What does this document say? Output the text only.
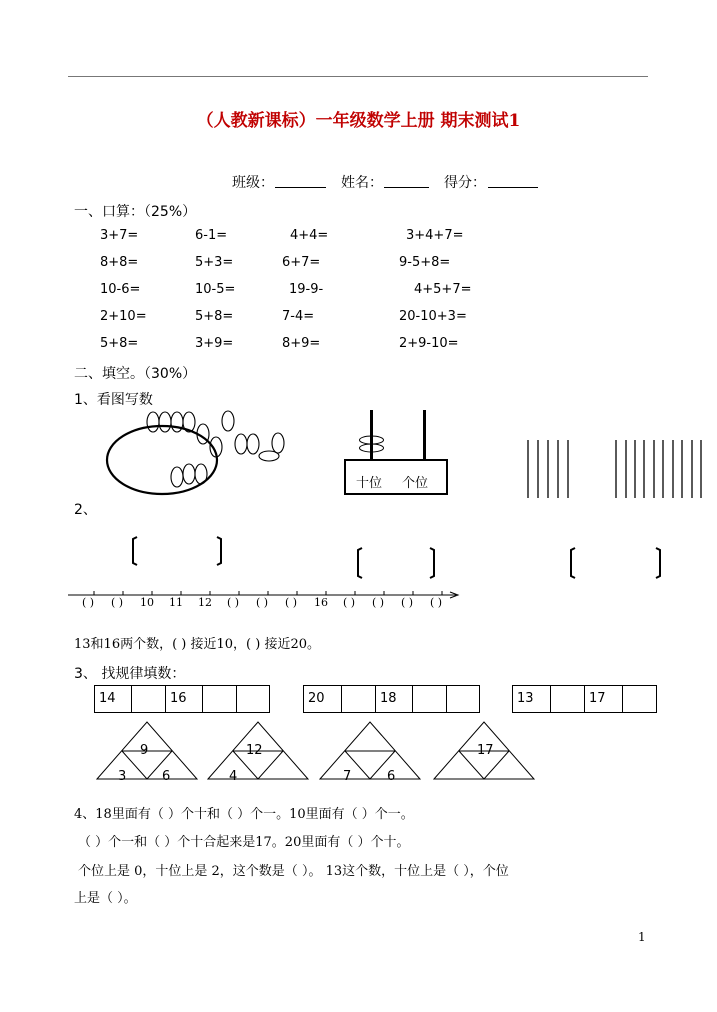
（人教新课标）一年级数学上册 期末测试1
班级：	姓名：	得分：
一、口算：（25%）
3+7=	6-1=	4+4=	3+4+7=
8+8=	5+3=	6+7=	9-5+8=
10-6=	10-5=	19-9-	4+5+7=
2+10=	5+8=	7-4=	20-10+3=
5+8=	3+9=	8+9=	2+9-10=
二、填空。（30%）
1、看图写数
十位 个位
2、
( ) ( ) 10 11 12 ( ) ( ) ( ) 16 ( ) ( ) ( ) ( )
13和16两个数，( ) 接近10，( ) 接近20。
3、 找规律填数：
14	16	20	18	13	17
9
3	6
12
4	7	6
17
4、18里面有（ ）个十和（ ）个一。10里面有（ ）个一。
（ ）个一和（ ）个十合起来是17。20里面有（ ）个十。
个位上是 0，十位上是 2，这个数是（ ）。 13这个数，十位上是（ ），个位
上是（ ）。
1
